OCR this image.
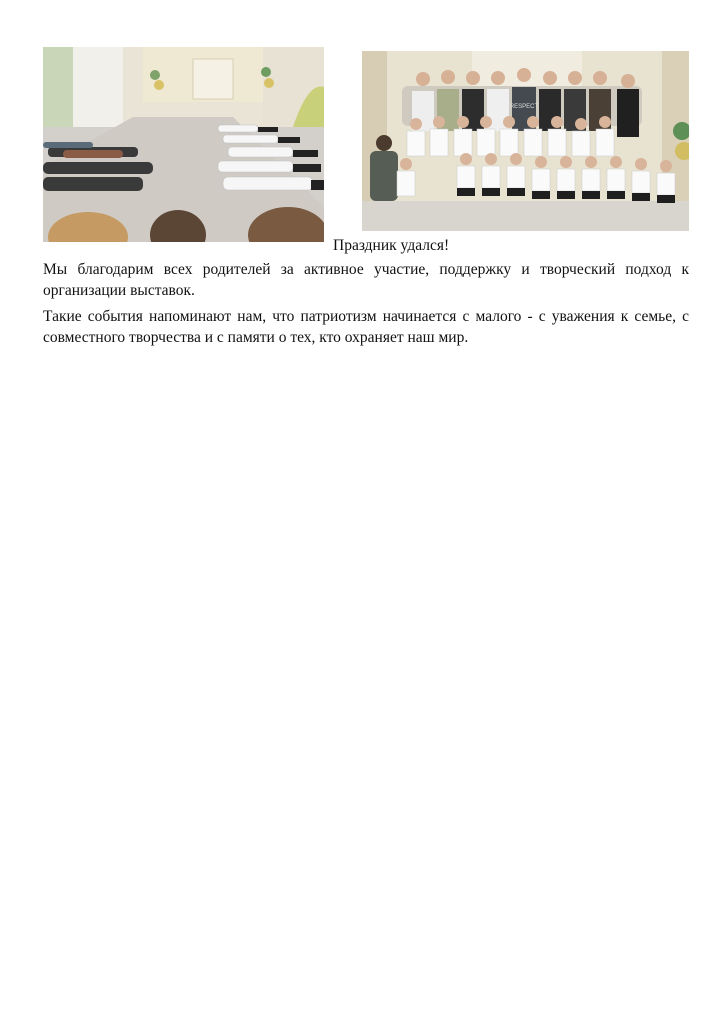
RESPECT
Праздник удался!

Мы благодарим всех родителей за активное участие, поддержку и творческий подход к организации выставок.

Такие события напоминают нам, что патриотизм начинается с малого - с уважения к семье, с совместного творчества и с памяти о тех, кто охраняет наш мир.
